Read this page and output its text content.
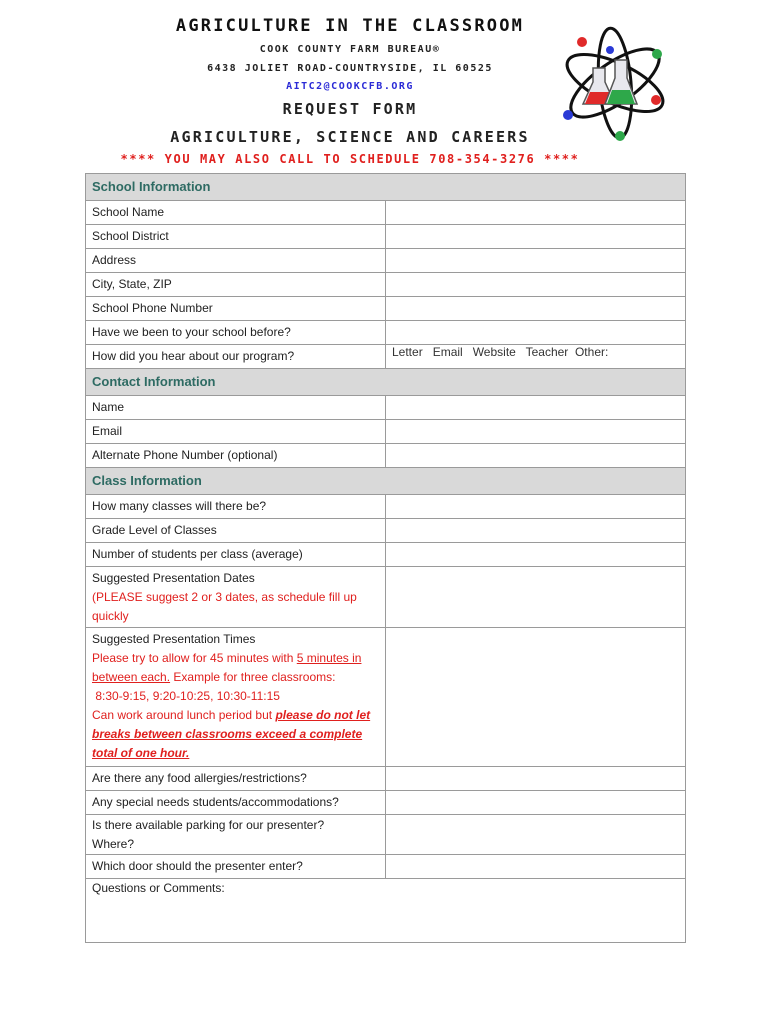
AGRICULTURE IN THE CLASSROOM
COOK COUNTY FARM BUREAU®
6438 JOLIET ROAD-COUNTRYSIDE, IL 60525
AITC2@COOKCFB.ORG
REQUEST FORM
AGRICULTURE, SCIENCE AND CAREERS
**** YOU MAY ALSO CALL TO SCHEDULE 708-354-3276 ****
School Information	
School Name	
School District	
Address	
City, State, ZIP	
School Phone Number	
Have we been to your school before?	
How did you hear about our program?	Letter   Email   Website   Teacher  Other:
Contact Information	
Name	
Email	
Alternate Phone Number (optional)	
Class Information	
How many classes will there be?	
Grade Level of Classes	
Number of students per class (average)	
Suggested Presentation Dates
(PLEASE suggest 2 or 3 dates, as schedule fill up quickly	

Suggested Presentation Times
Please try to allow for 45 minutes with 5 minutes in between each. Example for three classrooms:
8:30-9:15, 9:20-10:25, 10:30-11:15
Can work around lunch period but please do not let breaks between classrooms exceed a complete total of one hour.	

Are there any food allergies/restrictions?	
Any special needs students/accommodations?	

Is there available parking for our presenter?
Where?	

Which door should the presenter enter?	
Questions or Comments:	
